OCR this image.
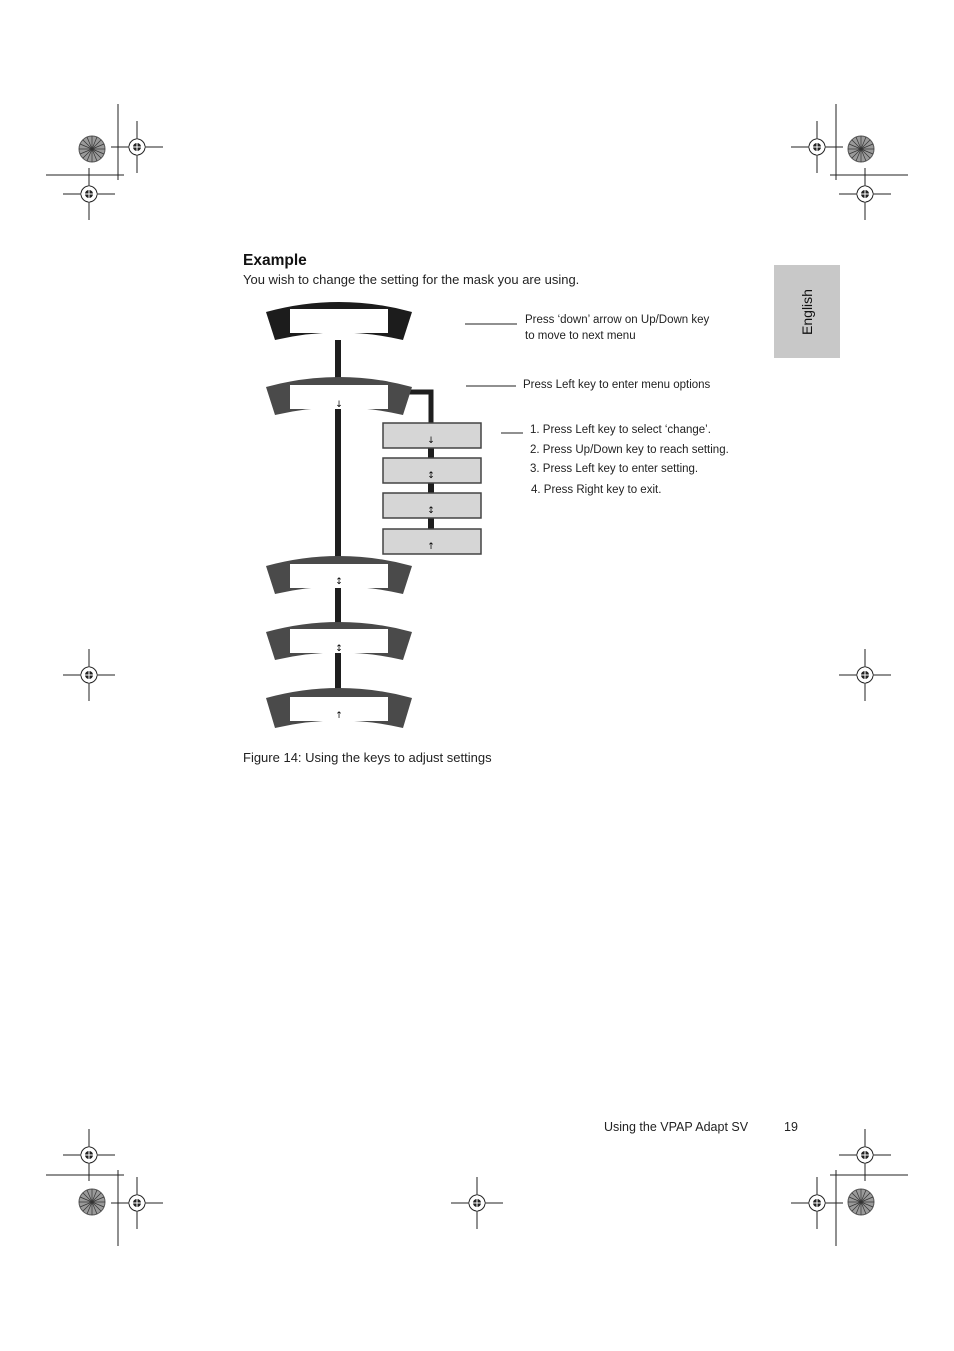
Example
You wish to change the setting for the mask you are using.
English
↓
↕
↕
↑
↓
↕
↕
↑
Press ‘down’ arrow on Up/Down key
to move to next menu
Press Left key to enter menu options
1. Press Left key to select ‘change’.
2. Press Up/Down key to reach setting.
3. Press Left key to enter setting.
4. Press Right key to exit.
Figure 14: Using the keys to adjust settings
Using the VPAP Adapt SV	19
